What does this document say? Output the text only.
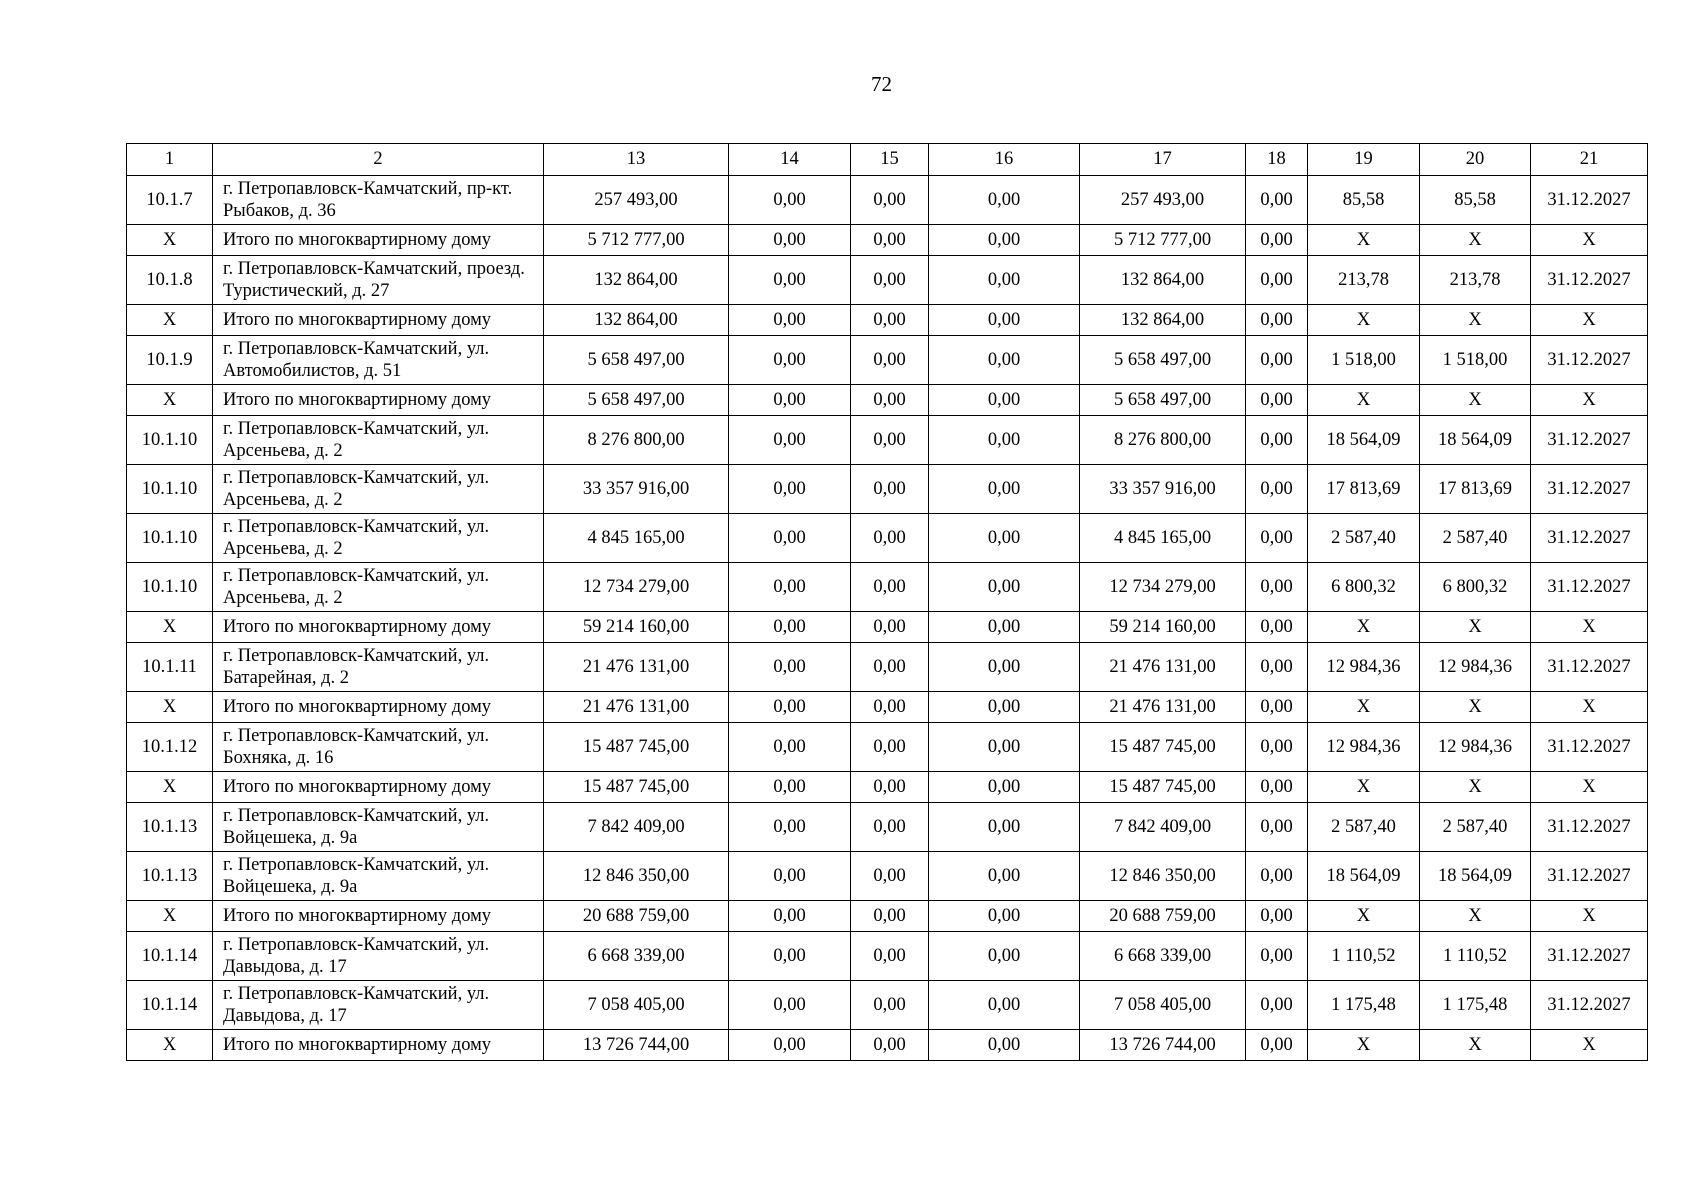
72
1	2	13	14	15	16	17	18	19	20	21
10.1.7	г. Петропавловск-Камчатский, пр-кт. Рыбаков, д. 36	257 493,00	0,00	0,00	0,00	257 493,00	0,00	85,58	85,58	31.12.2027
Х	Итого по многоквартирному дому	5 712 777,00	0,00	0,00	0,00	5 712 777,00	0,00	Х	Х	Х
10.1.8	г. Петропавловск-Камчатский, проезд. Туристический, д. 27	132 864,00	0,00	0,00	0,00	132 864,00	0,00	213,78	213,78	31.12.2027
Х	Итого по многоквартирному дому	132 864,00	0,00	0,00	0,00	132 864,00	0,00	Х	Х	Х
10.1.9	г. Петропавловск-Камчатский, ул. Автомобилистов, д. 51	5 658 497,00	0,00	0,00	0,00	5 658 497,00	0,00	1 518,00	1 518,00	31.12.2027
Х	Итого по многоквартирному дому	5 658 497,00	0,00	0,00	0,00	5 658 497,00	0,00	Х	Х	Х
10.1.10	г. Петропавловск-Камчатский, ул. Арсеньева, д. 2	8 276 800,00	0,00	0,00	0,00	8 276 800,00	0,00	18 564,09	18 564,09	31.12.2027
10.1.10	г. Петропавловск-Камчатский, ул. Арсеньева, д. 2	33 357 916,00	0,00	0,00	0,00	33 357 916,00	0,00	17 813,69	17 813,69	31.12.2027
10.1.10	г. Петропавловск-Камчатский, ул. Арсеньева, д. 2	4 845 165,00	0,00	0,00	0,00	4 845 165,00	0,00	2 587,40	2 587,40	31.12.2027
10.1.10	г. Петропавловск-Камчатский, ул. Арсеньева, д. 2	12 734 279,00	0,00	0,00	0,00	12 734 279,00	0,00	6 800,32	6 800,32	31.12.2027
Х	Итого по многоквартирному дому	59 214 160,00	0,00	0,00	0,00	59 214 160,00	0,00	Х	Х	Х
10.1.11	г. Петропавловск-Камчатский, ул. Батарейная, д. 2	21 476 131,00	0,00	0,00	0,00	21 476 131,00	0,00	12 984,36	12 984,36	31.12.2027
Х	Итого по многоквартирному дому	21 476 131,00	0,00	0,00	0,00	21 476 131,00	0,00	Х	Х	Х
10.1.12	г. Петропавловск-Камчатский, ул. Бохняка, д. 16	15 487 745,00	0,00	0,00	0,00	15 487 745,00	0,00	12 984,36	12 984,36	31.12.2027
Х	Итого по многоквартирному дому	15 487 745,00	0,00	0,00	0,00	15 487 745,00	0,00	Х	Х	Х
10.1.13	г. Петропавловск-Камчатский, ул. Войцешека, д. 9а	7 842 409,00	0,00	0,00	0,00	7 842 409,00	0,00	2 587,40	2 587,40	31.12.2027
10.1.13	г. Петропавловск-Камчатский, ул. Войцешека, д. 9а	12 846 350,00	0,00	0,00	0,00	12 846 350,00	0,00	18 564,09	18 564,09	31.12.2027
Х	Итого по многоквартирному дому	20 688 759,00	0,00	0,00	0,00	20 688 759,00	0,00	Х	Х	Х
10.1.14	г. Петропавловск-Камчатский, ул. Давыдова, д. 17	6 668 339,00	0,00	0,00	0,00	6 668 339,00	0,00	1 110,52	1 110,52	31.12.2027
10.1.14	г. Петропавловск-Камчатский, ул. Давыдова, д. 17	7 058 405,00	0,00	0,00	0,00	7 058 405,00	0,00	1 175,48	1 175,48	31.12.2027
Х	Итого по многоквартирному дому	13 726 744,00	0,00	0,00	0,00	13 726 744,00	0,00	Х	Х	Х
